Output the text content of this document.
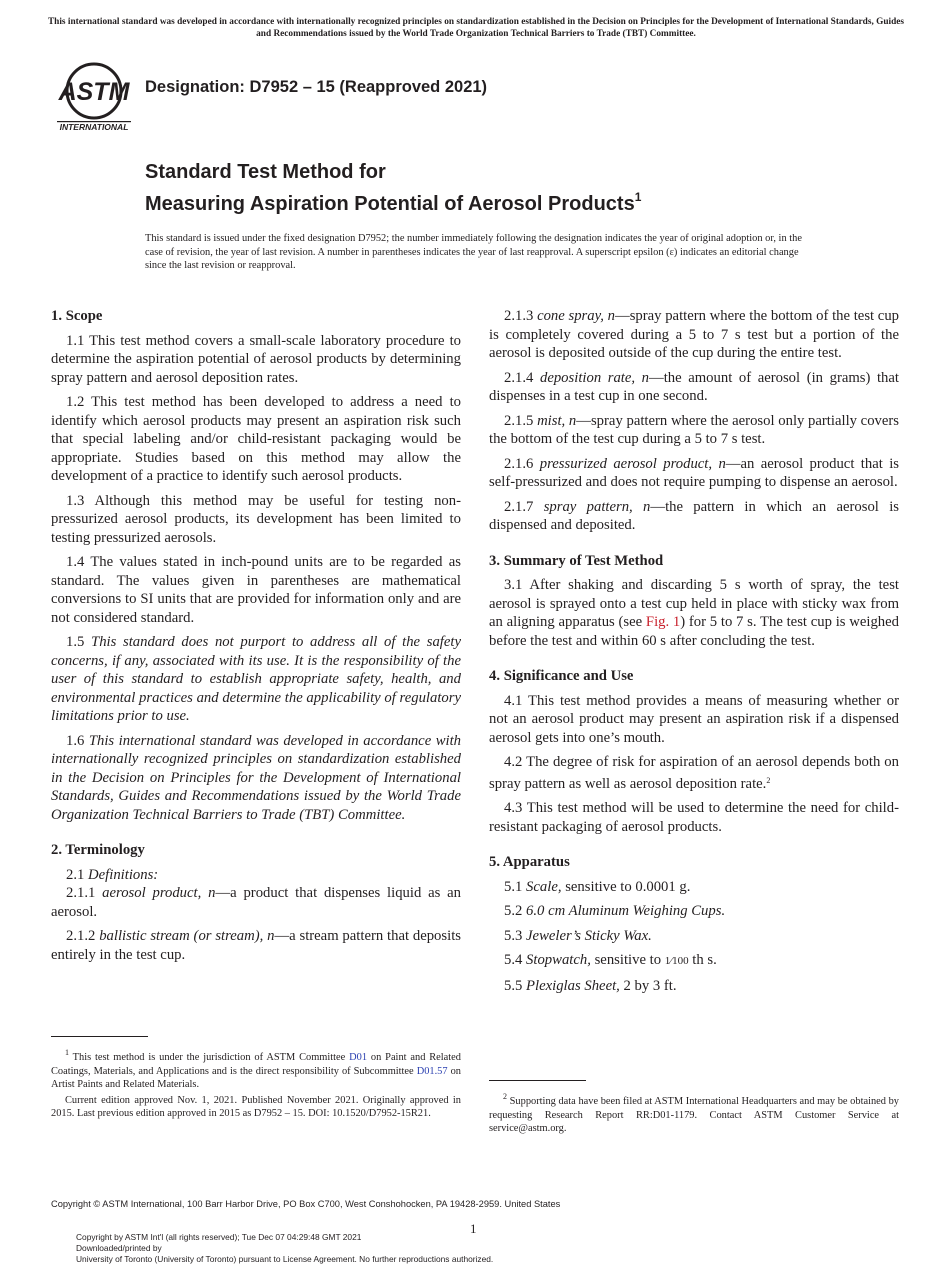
This international standard was developed in accordance with internationally recognized principles on standardization established in the Decision on Principles for the Development of International Standards, Guides and Recommendations issued by the World Trade Organization Technical Barriers to Trade (TBT) Committee.
ASTM
INTERNATIONAL
Designation: D7952 – 15 (Reapproved 2021)
Standard Test Method for
Measuring Aspiration Potential of Aerosol Products$^1$
This standard is issued under the fixed designation D7952; the number immediately following the designation indicates the year of original adoption or, in the case of revision, the year of last revision. A number in parentheses indicates the year of last reapproval. A superscript epsilon (ε) indicates an editorial change since the last revision or reapproval.
1. Scope

1.1 This test method covers a small-scale laboratory procedure to determine the aspiration potential of aerosol products by determining spray pattern and aerosol deposition rates.

1.2 This test method has been developed to address a need to identify which aerosol products may present an aspiration risk such that special labeling and/or child-resistant packaging would be appropriate. Studies based on this method may allow the development of a practice to identify such aerosol products.

1.3 Although this method may be useful for testing non-pressurized aerosol products, its development has been limited to testing pressurized aerosols.

1.4 The values stated in inch-pound units are to be regarded as standard. The values given in parentheses are mathematical conversions to SI units that are provided for information only and are not considered standard.

1.5 This standard does not purport to address all of the safety concerns, if any, associated with its use. It is the responsibility of the user of this standard to establish appropriate safety, health, and environmental practices and determine the applicability of regulatory limitations prior to use.

1.6 This international standard was developed in accordance with internationally recognized principles on standardization established in the Decision on Principles for the Development of International Standards, Guides and Recommendations issued by the World Trade Organization Technical Barriers to Trade (TBT) Committee.

2. Terminology

2.1 Definitions:

2.1.1 aerosol product, n—a product that dispenses liquid as an aerosol.

2.1.2 ballistic stream (or stream), n—a stream pattern that deposits entirely in the test cup.

2.1.3 cone spray, n—spray pattern where the bottom of the test cup is completely covered during a 5 to 7 s test but a portion of the aerosol is deposited outside of the cup during the entire test.

2.1.4 deposition rate, n—the amount of aerosol (in grams) that dispenses in a test cup in one second.

2.1.5 mist, n—spray pattern where the aerosol only partially covers the bottom of the test cup during a 5 to 7 s test.

2.1.6 pressurized aerosol product, n—an aerosol product that is self-pressurized and does not require pumping to dispense an aerosol.

2.1.7 spray pattern, n—the pattern in which an aerosol is dispensed and deposited.

3. Summary of Test Method

3.1 After shaking and discarding 5 s worth of spray, the test aerosol is sprayed onto a test cup held in place with sticky wax from an aligning apparatus (see Fig. 1) for 5 to 7 s. The test cup is weighed before the test and within 60 s after concluding the test.

4. Significance and Use

4.1 This test method provides a means of measuring whether or not an aerosol product may present an aspiration risk if a dispensed aerosol gets into one’s mouth.

4.2 The degree of risk for aspiration of an aerosol depends both on spray pattern as well as aerosol deposition rate.$^2$

4.3 This test method will be used to determine the need for child-resistant packaging of aerosol products.

5. Apparatus

5.1 Scale, sensitive to 0.0001 g.

5.2 6.0 cm Aluminum Weighing Cups.

5.3 Jeweler’s Sticky Wax.

5.4 Stopwatch, sensitive to 1⁄100 th s.

5.5 Plexiglas Sheet, 2 by 3 ft.

$^1$ This test method is under the jurisdiction of ASTM Committee D01 on Paint and Related Coatings, Materials, and Applications and is the direct responsibility of Subcommittee D01.57 on Artist Paints and Related Materials.

Current edition approved Nov. 1, 2021. Published November 2021. Originally approved in 2015. Last previous edition approved in 2015 as D7952 – 15. DOI: 10.1520/D7952-15R21.

$^2$ Supporting data have been filed at ASTM International Headquarters and may be obtained by requesting Research Report RR:D01-1179. Contact ASTM Customer Service at service@astm.org.

Copyright © ASTM International, 100 Barr Harbor Drive, PO Box C700, West Conshohocken, PA 19428-2959. United States
1
Copyright by ASTM Int'l (all rights reserved); Tue Dec 07 04:29:48 GMT 2021
Downloaded/printed by
University of Toronto (University of Toronto) pursuant to License Agreement. No further reproductions authorized.
